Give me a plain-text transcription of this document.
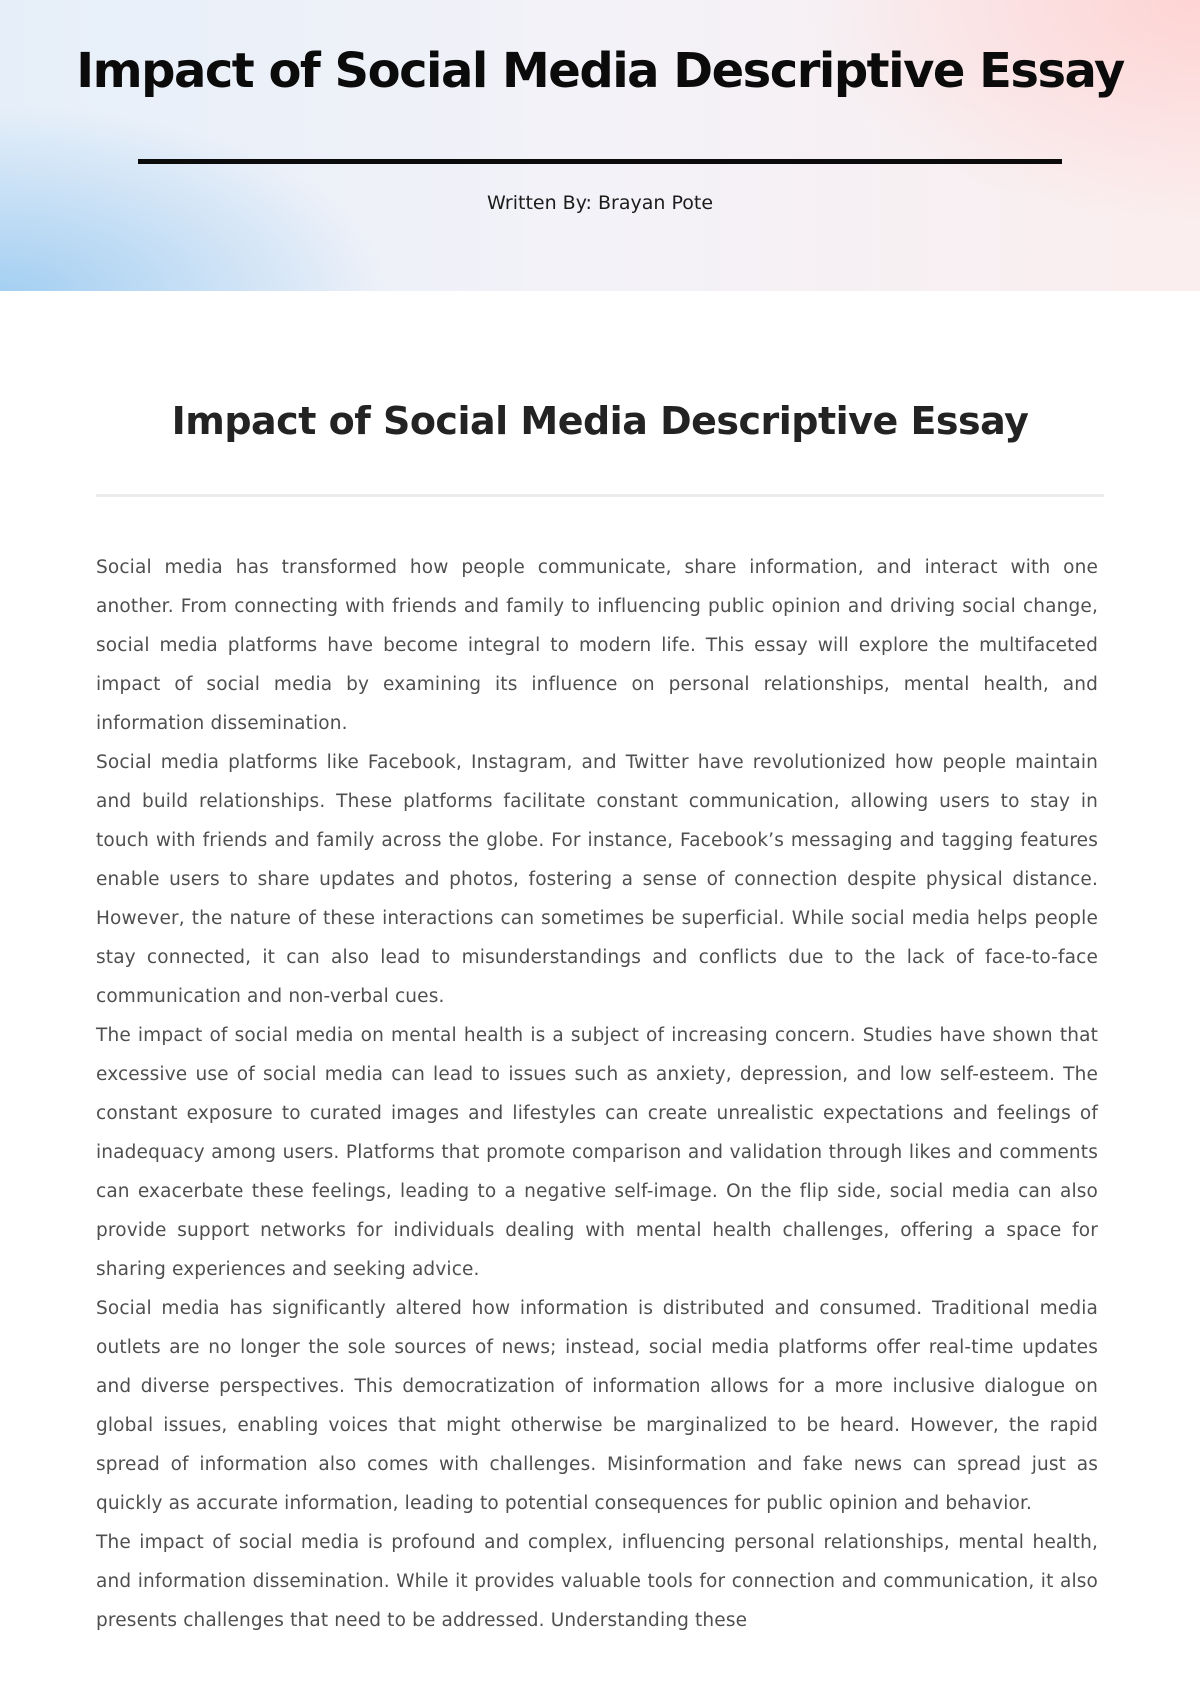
Impact of Social Media Descriptive Essay
Written By: Brayan Pote
Impact of Social Media Descriptive Essay

Social media has transformed how people communicate, share information, and interact with one another. From connecting with friends and family to influencing public opinion and driving social change, social media platforms have become integral to modern life. This essay will explore the multifaceted impact of social media by examining its influence on personal relationships, mental health, and information dissemination.

Social media platforms like Facebook, Instagram, and Twitter have revolutionized how people maintain and build relationships. These platforms facilitate constant communication, allowing users to stay in touch with friends and family across the globe. For instance, Facebook’s messaging and tagging features enable users to share updates and photos, fostering a sense of connection despite physical distance. However, the nature of these interactions can sometimes be superficial. While social media helps people stay connected, it can also lead to misunderstandings and conflicts due to the lack of face-to-face communication and non-verbal cues.

The impact of social media on mental health is a subject of increasing concern. Studies have shown that excessive use of social media can lead to issues such as anxiety, depression, and low self-esteem. The constant exposure to curated images and lifestyles can create unrealistic expectations and feelings of inadequacy among users. Platforms that promote comparison and validation through likes and comments can exacerbate these feelings, leading to a negative self-image. On the flip side, social media can also provide support networks for individuals dealing with mental health challenges, offering a space for sharing experiences and seeking advice.

Social media has significantly altered how information is distributed and consumed. Traditional media outlets are no longer the sole sources of news; instead, social media platforms offer real-time updates and diverse perspectives. This democratization of information allows for a more inclusive dialogue on global issues, enabling voices that might otherwise be marginalized to be heard. However, the rapid spread of information also comes with challenges. Misinformation and fake news can spread just as quickly as accurate information, leading to potential consequences for public opinion and behavior.

The impact of social media is profound and complex, influencing personal relationships, mental health, and information dissemination. While it provides valuable tools for connection and communication, it also presents challenges that need to be addressed. Understanding these
